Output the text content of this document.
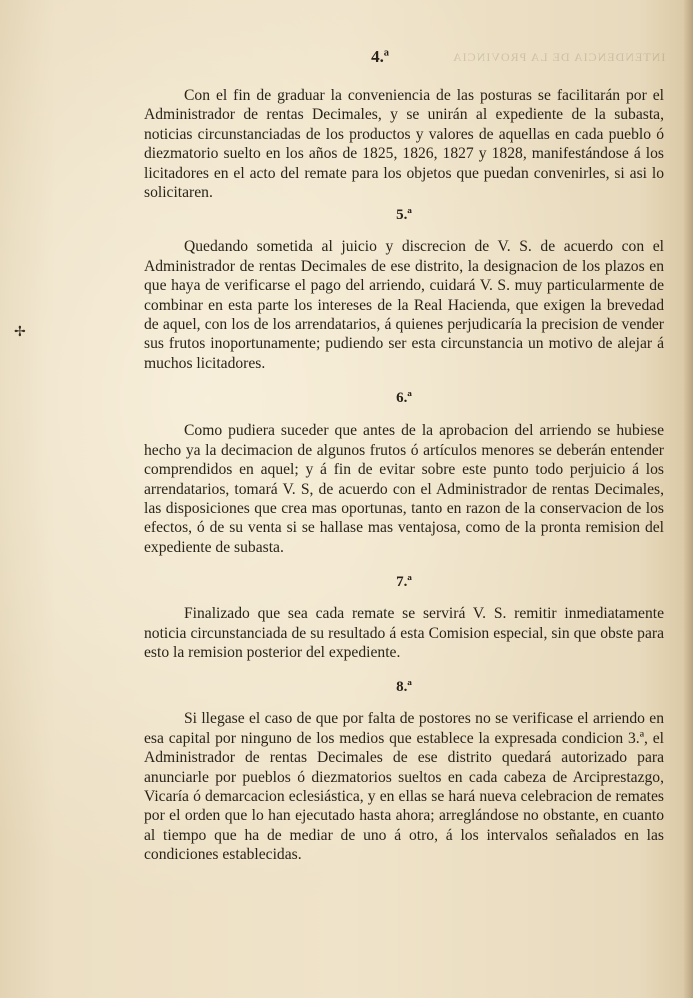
INTENDENCIA DE LA PROVINCIA
✢
4.ª

Con el fin de graduar la conveniencia de las posturas se facilitarán por el Administrador de rentas Decimales, y se unirán al expediente de la subasta, noticias circunstanciadas de los productos y valores de aquellas en cada pueblo ó diezmatorio suelto en los años de 1825, 1826, 1827 y 1828, manifestándose á los licitadores en el acto del remate para los objetos que puedan convenirles, si asi lo solicitaren.

5.ª

Quedando sometida al juicio y discrecion de V. S. de acuerdo con el Administrador de rentas Decimales de ese distrito, la designacion de los plazos en que haya de verificarse el pago del arriendo, cuidará V. S. muy particularmente de combinar en esta parte los intereses de la Real Hacienda, que exigen la brevedad de aquel, con los de los arrendatarios, á quienes perjudicaría la precision de vender sus frutos inoportunamente; pudiendo ser esta circunstancia un motivo de alejar á muchos licitadores.

6.ª

Como pudiera suceder que antes de la aprobacion del arriendo se hubiese hecho ya la decimacion de algunos frutos ó artículos menores se deberán entender comprendidos en aquel; y á fin de evitar sobre este punto todo perjuicio á los arrendatarios, tomará V. S, de acuerdo con el Administrador de rentas Decimales, las disposiciones que crea mas oportunas, tanto en razon de la conservacion de los efectos, ó de su venta si se hallase mas ventajosa, como de la pronta remision del expediente de subasta.

7.ª

Finalizado que sea cada remate se servirá V. S. remitir inmediatamente noticia circunstanciada de su resultado á esta Comision especial, sin que obste para esto la remision posterior del expediente.

8.ª

Si llegase el caso de que por falta de postores no se verificase el arriendo en esa capital por ninguno de los medios que establece la expresada condicion 3.ª, el Administrador de rentas Decimales de ese distrito quedará autorizado para anunciarle por pueblos ó diezmatorios sueltos en cada cabeza de Arciprestazgo, Vicaría ó demarcacion eclesiástica, y en ellas se hará nueva celebracion de remates por el orden que lo han ejecutado hasta ahora; arreglándose no obstante, en cuanto al tiempo que ha de mediar de uno á otro, á los intervalos señalados en las condiciones establecidas.
